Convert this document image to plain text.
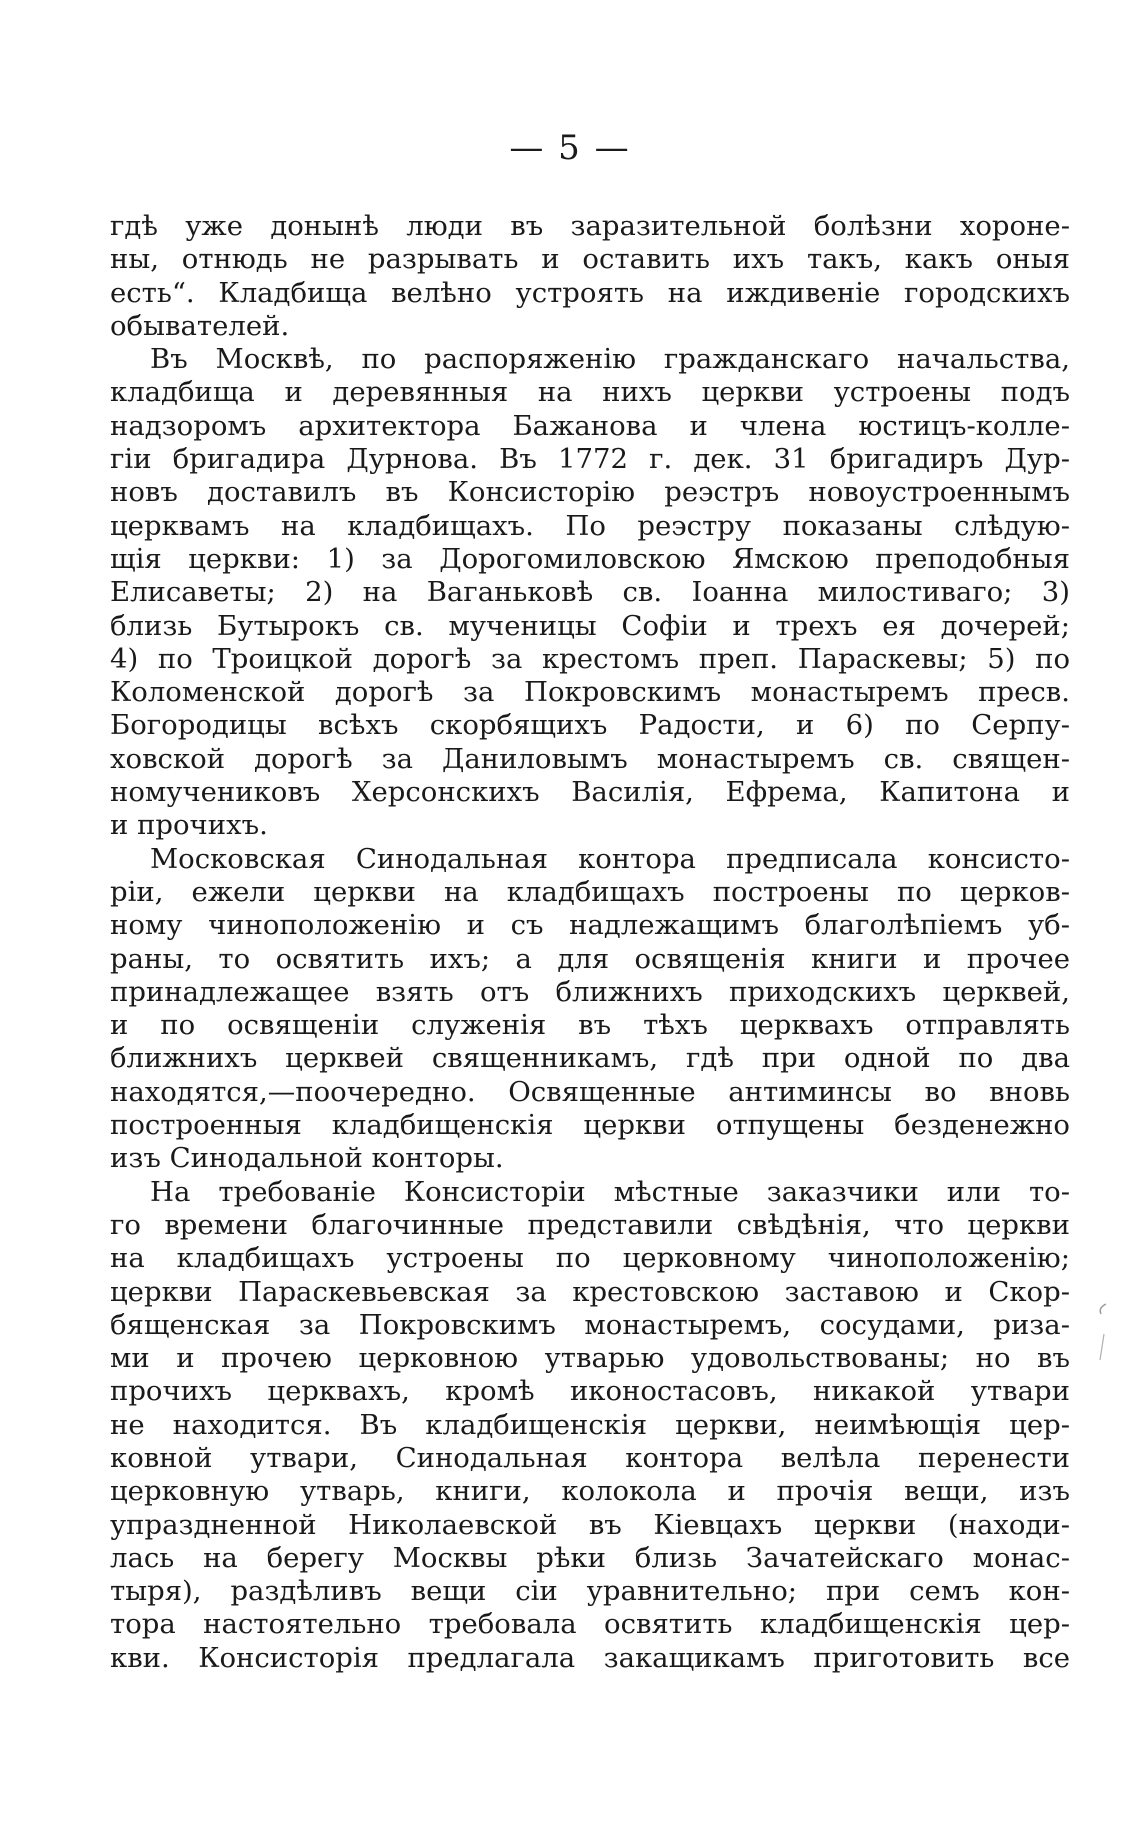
— 5 —
гдѣ уже донынѣ люди въ заразительной болѣзни хороне-
ны, отнюдь не разрывать и оставить ихъ такъ, какъ оныя
есть“. Кладбища велѣно устроять на иждивеніе городскихъ
обывателей.
Въ Москвѣ, по распоряженію гражданскаго начальства,
кладбища и деревянныя на нихъ церкви устроены подъ
надзоромъ архитектора Бажанова и члена юстицъ-колле-
гіи бригадира Дурнова. Въ 1772 г. дек. 31 бригадиръ Дур-
новъ доставилъ въ Консисторію реэстръ новоустроеннымъ
церквамъ на кладбищахъ. По реэстру показаны слѣдую-
щія церкви: 1) за Дорогомиловскою Ямскою преподобныя
Елисаветы; 2) на Ваганьковѣ св. Іоанна милостиваго; 3)
близь Бутырокъ св. мученицы Софіи и трехъ ея дочерей;
4) по Троицкой дорогѣ за крестомъ преп. Параскевы; 5) по
Коломенской дорогѣ за Покровскимъ монастыремъ пресв.
Богородицы всѣхъ скорбящихъ Радости, и 6) по Серпу-
ховской дорогѣ за Даниловымъ монастыремъ св. священ-
номучениковъ Херсонскихъ Василія, Ефрема, Капитона и
и прочихъ.
Московская Синодальная контора предписала консисто-
ріи, ежели церкви на кладбищахъ построены по церков-
ному чиноположенію и съ надлежащимъ благолѣпіемъ уб-
раны, то освятить ихъ; а для освященія книги и прочее
принадлежащее взять отъ ближнихъ приходскихъ церквей,
и по освященіи служенія въ тѣхъ церквахъ отправлять
ближнихъ церквей священникамъ, гдѣ при одной по два
находятся,—поочередно. Освященные антиминсы во вновь
построенныя кладбищенскія церкви отпущены безденежно
изъ Синодальной конторы.
На требованіе Консисторіи мѣстные заказчики или то-
го времени благочинные представили свѣдѣнія, что церкви
на кладбищахъ устроены по церковному чиноположенію;
церкви Параскевьевская за крестовскою заставою и Скор-
бященская за Покровскимъ монастыремъ, сосудами, риза-
ми и прочею церковною утварью удовольствованы; но въ
прочихъ церквахъ, кромѣ иконостасовъ, никакой утвари
не находится. Въ кладбищенскія церкви, неимѣющія цер-
ковной утвари, Синодальная контора велѣла перенести
церковную утварь, книги, колокола и прочія вещи, изъ
упраздненной Николаевской въ Кіевцахъ церкви (находи-
лась на берегу Москвы рѣки близь Зачатейскаго монас-
тыря), раздѣливъ вещи сіи уравнительно; при семъ кон-
тора настоятельно требовала освятить кладбищенскія цер-
кви. Консисторія предлагала закащикамъ приготовить все
